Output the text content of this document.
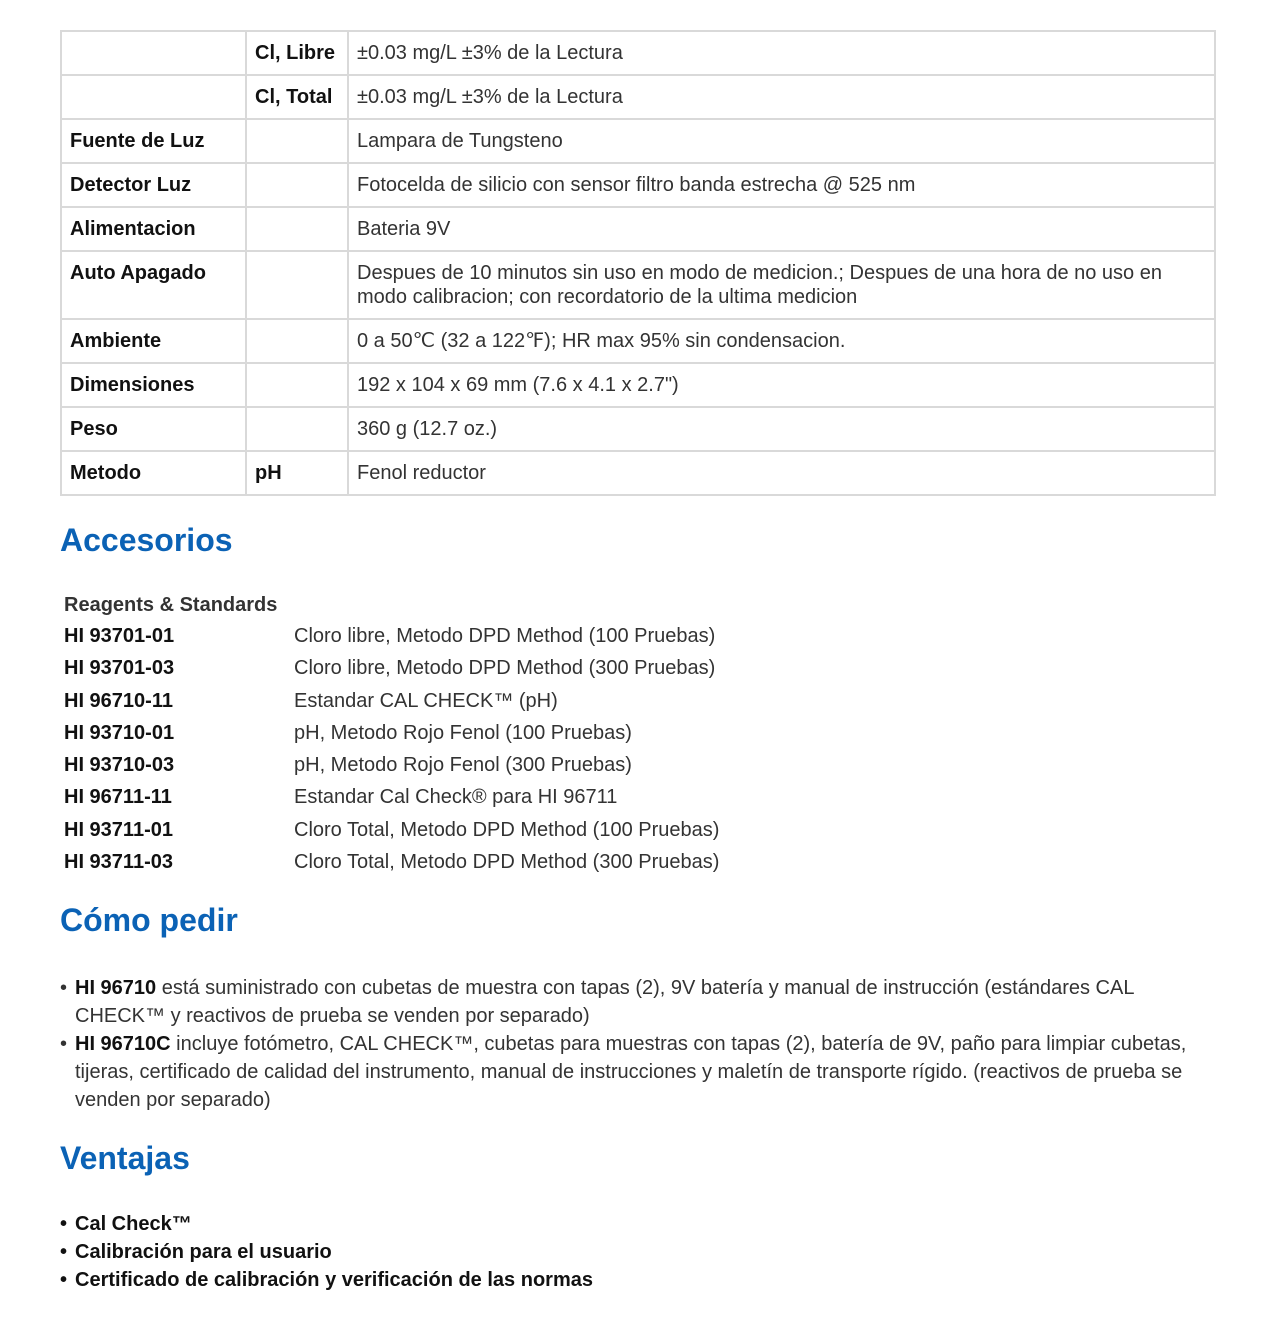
	Cl, Libre	±0.03 mg/L ±3% de la Lectura
	Cl, Total	±0.03 mg/L ±3% de la Lectura
Fuente de Luz		Lampara de Tungsteno
Detector Luz		Fotocelda de silicio con sensor filtro banda estrecha @ 525 nm
Alimentacion		Bateria 9V
Auto Apagado		Despues de 10 minutos sin uso en modo de medicion.; Despues de una hora de no uso en modo calibracion; con recordatorio de la ultima medicion
Ambiente		0 a 50℃ (32 a 122℉); HR max 95% sin condensacion.
Dimensiones		192 x 104 x 69 mm (7.6 x 4.1 x 2.7")
Peso		360 g (12.7 oz.)
Metodo	pH	Fenol reductor
Accesorios
Reagents & Standards
HI 93701-01	Cloro libre, Metodo DPD Method (100 Pruebas)
HI 93701-03	Cloro libre, Metodo DPD Method (300 Pruebas)
HI 96710-11	Estandar CAL CHECK™ (pH)
HI 93710-01	pH, Metodo Rojo Fenol (100 Pruebas)
HI 93710-03	pH, Metodo Rojo Fenol (300 Pruebas)
HI 96711-11	Estandar Cal Check® para HI 96711
HI 93711-01	Cloro Total, Metodo DPD Method (100 Pruebas)
HI 93711-03	Cloro Total, Metodo DPD Method (300 Pruebas)
Cómo pedir
• HI 96710 está suministrado con cubetas de muestra con tapas (2), 9V batería y manual de instrucción (estándares CAL CHECK™ y reactivos de prueba se venden por separado)
• HI 96710C incluye fotómetro, CAL CHECK™, cubetas para muestras con tapas (2), batería de 9V, paño para limpiar cubetas, tijeras, certificado de calidad del instrumento, manual de instrucciones y maletín de transporte rígido. (reactivos de prueba se venden por separado)
Ventajas
• Cal Check™
• Calibración para el usuario
• Certificado de calibración y verificación de las normas
